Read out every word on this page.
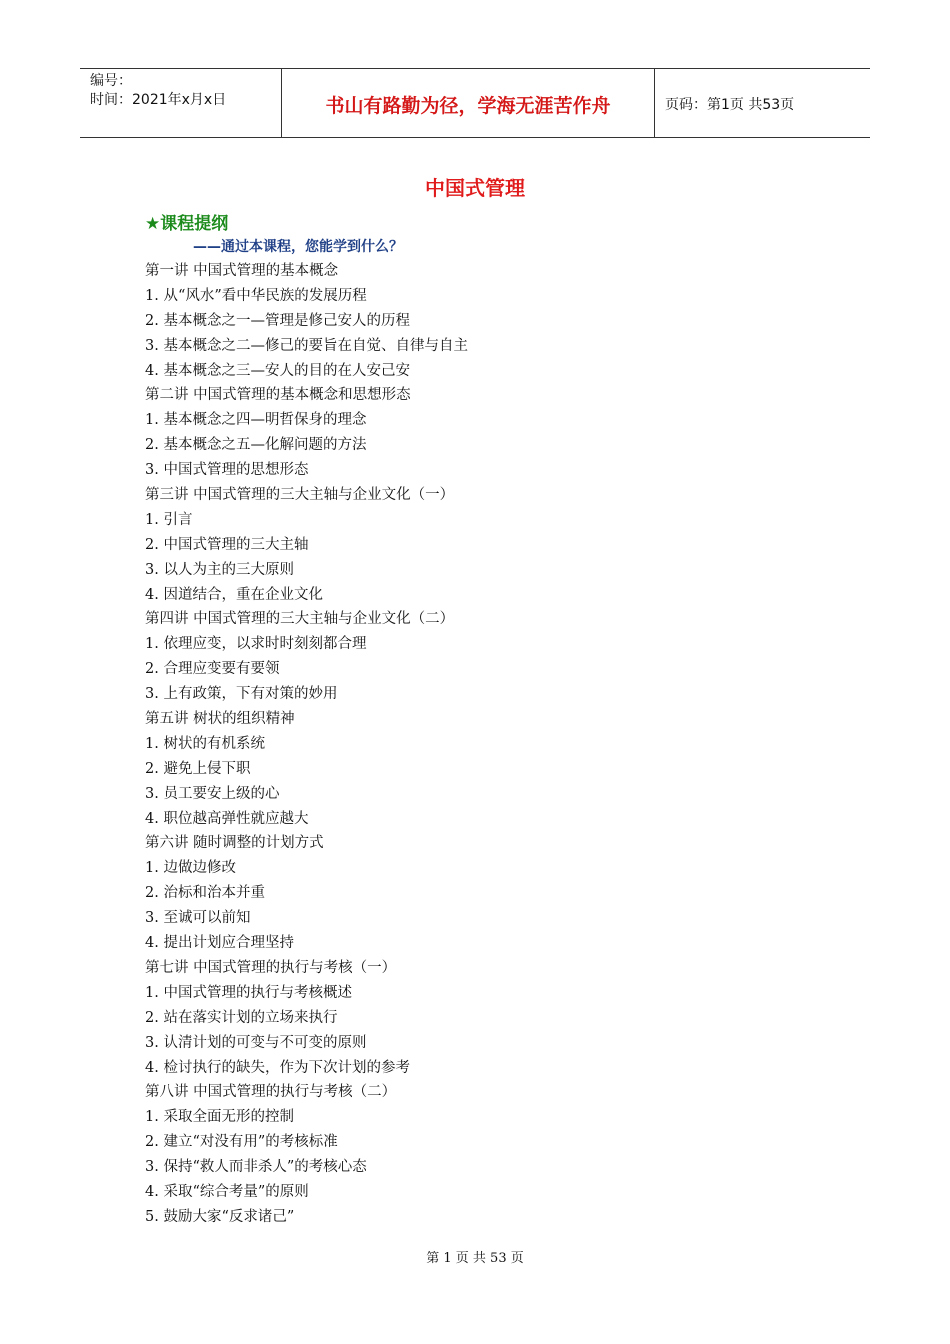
编号：
时间：2021年x月x日	书山有路勤为径，学海无涯苦作舟	页码：第1页 共53页
中国式管理
★课程提纲
——通过本课程，您能学到什么？
第一讲 中国式管理的基本概念
1. 从“风水”看中华民族的发展历程
2. 基本概念之一—管理是修己安人的历程
3. 基本概念之二—修己的要旨在自觉、自律与自主
4. 基本概念之三—安人的目的在人安己安
第二讲 中国式管理的基本概念和思想形态
1. 基本概念之四—明哲保身的理念
2. 基本概念之五—化解问题的方法
3. 中国式管理的思想形态
第三讲 中国式管理的三大主轴与企业文化（一）
1. 引言
2. 中国式管理的三大主轴
3. 以人为主的三大原则
4. 因道结合，重在企业文化
第四讲 中国式管理的三大主轴与企业文化（二）
1. 依理应变，以求时时刻刻都合理
2. 合理应变要有要领
3. 上有政策，下有对策的妙用
第五讲 树状的组织精神
1. 树状的有机系统
2. 避免上侵下职
3. 员工要安上级的心
4. 职位越高弹性就应越大
第六讲 随时调整的计划方式
1. 边做边修改
2. 治标和治本并重
3. 至诚可以前知
4. 提出计划应合理坚持
第七讲 中国式管理的执行与考核（一）
1. 中国式管理的执行与考核概述
2. 站在落实计划的立场来执行
3. 认清计划的可变与不可变的原则
4. 检讨执行的缺失，作为下次计划的参考
第八讲 中国式管理的执行与考核（二）
1. 采取全面无形的控制
2. 建立“对没有用”的考核标准
3. 保持“救人而非杀人”的考核心态
4. 采取“综合考量”的原则
5. 鼓励大家“反求诸己”
第 1 页 共 53 页
